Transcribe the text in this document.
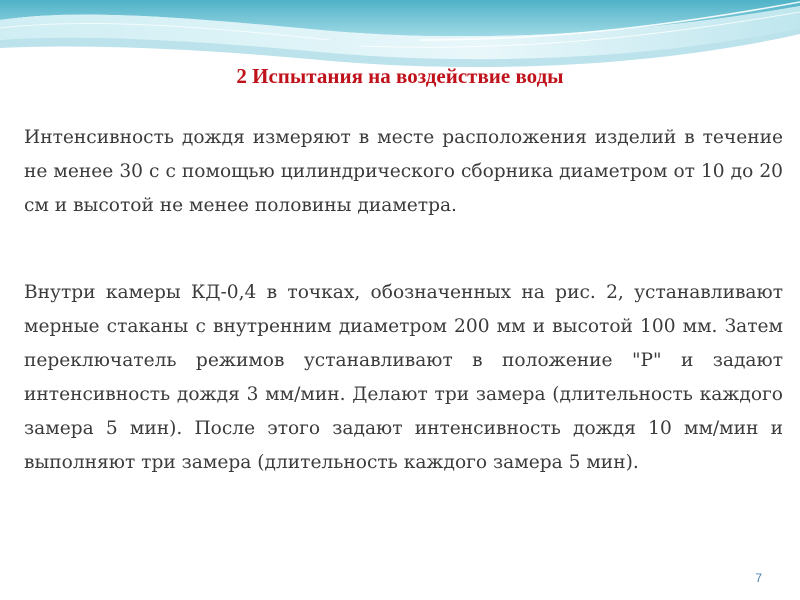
2 Испытания на воздействие воды

Интенсивность дождя измеряют в месте расположения изделий в течение не менее 30 с с помощью цилиндрического сборника диаметром от 10 до 20 см и высотой не менее половины диаметра.

Внутри камеры КД-0,4 в точках, обозначенных на рис. 2, устанавливают мерные стаканы с внутренним диаметром 200 мм и высотой 100 мм. Затем переключатель режимов устанавливают в положение "Р" и задают интенсивность дождя 3 мм/мин. Делают три замера (длительность каждого замера 5 мин). После этого задают интенсивность дождя 10 мм/мин и выполняют три замера (длительность каждого замера 5 мин).

7
